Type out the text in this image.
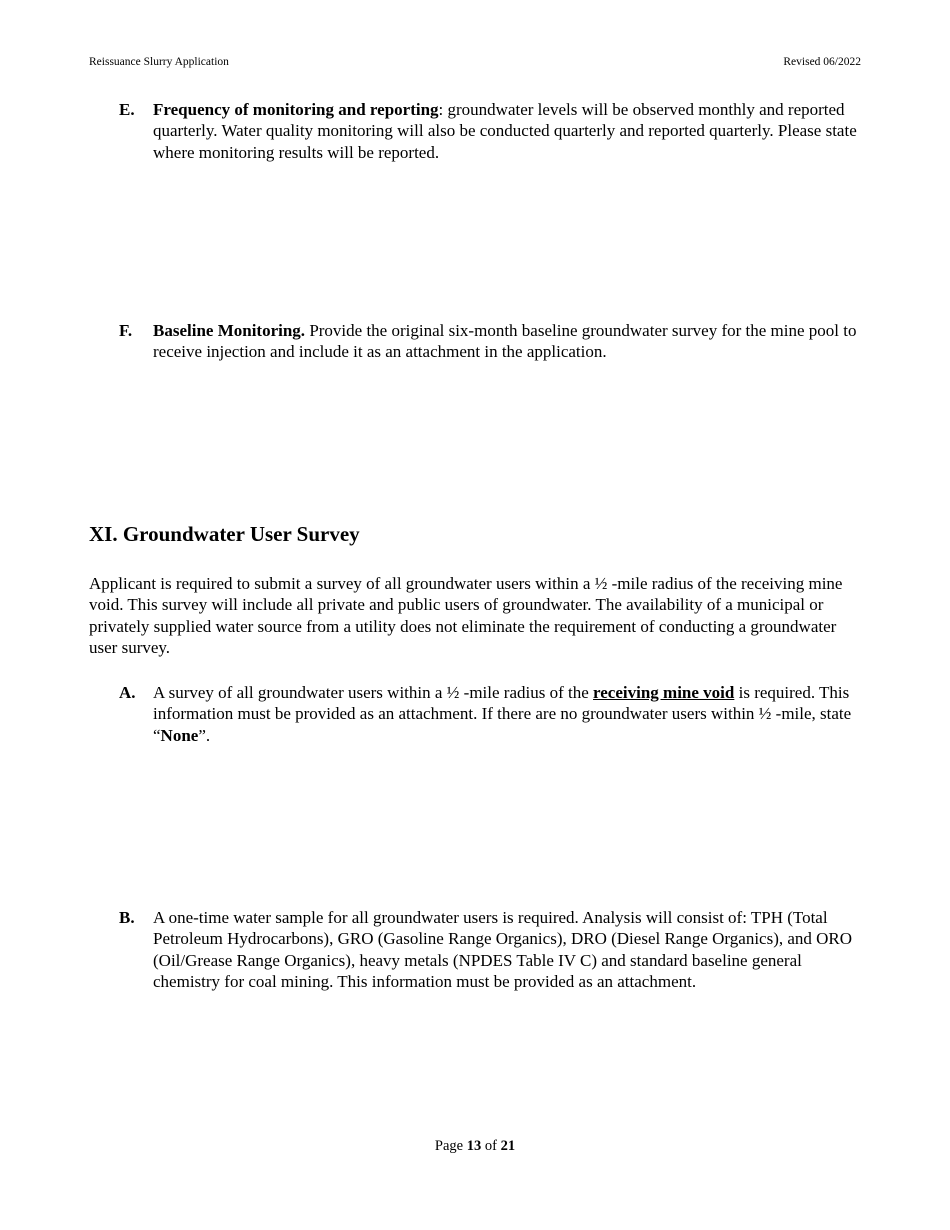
Reissuance Slurry Application	Revised 06/2022
E.	Frequency of monitoring and reporting: groundwater levels will be observed monthly and reported quarterly. Water quality monitoring will also be conducted quarterly and reported quarterly. Please state where monitoring results will be reported.
F.	Baseline Monitoring. Provide the original six-month baseline groundwater survey for the mine pool to receive injection and include it as an attachment in the application.
XI. Groundwater User Survey
Applicant is required to submit a survey of all groundwater users within a ½ -mile radius of the receiving mine void. This survey will include all private and public users of groundwater. The availability of a municipal or privately supplied water source from a utility does not eliminate the requirement of conducting a groundwater user survey.
A.	A survey of all groundwater users within a ½ -mile radius of the receiving mine void is required. This information must be provided as an attachment. If there are no groundwater users within ½ -mile, state “None”.
B.	A one-time water sample for all groundwater users is required. Analysis will consist of: TPH (Total Petroleum Hydrocarbons), GRO (Gasoline Range Organics), DRO (Diesel Range Organics), and ORO (Oil/Grease Range Organics), heavy metals (NPDES Table IV C) and standard baseline general chemistry for coal mining. This information must be provided as an attachment.
Page 13 of 21
